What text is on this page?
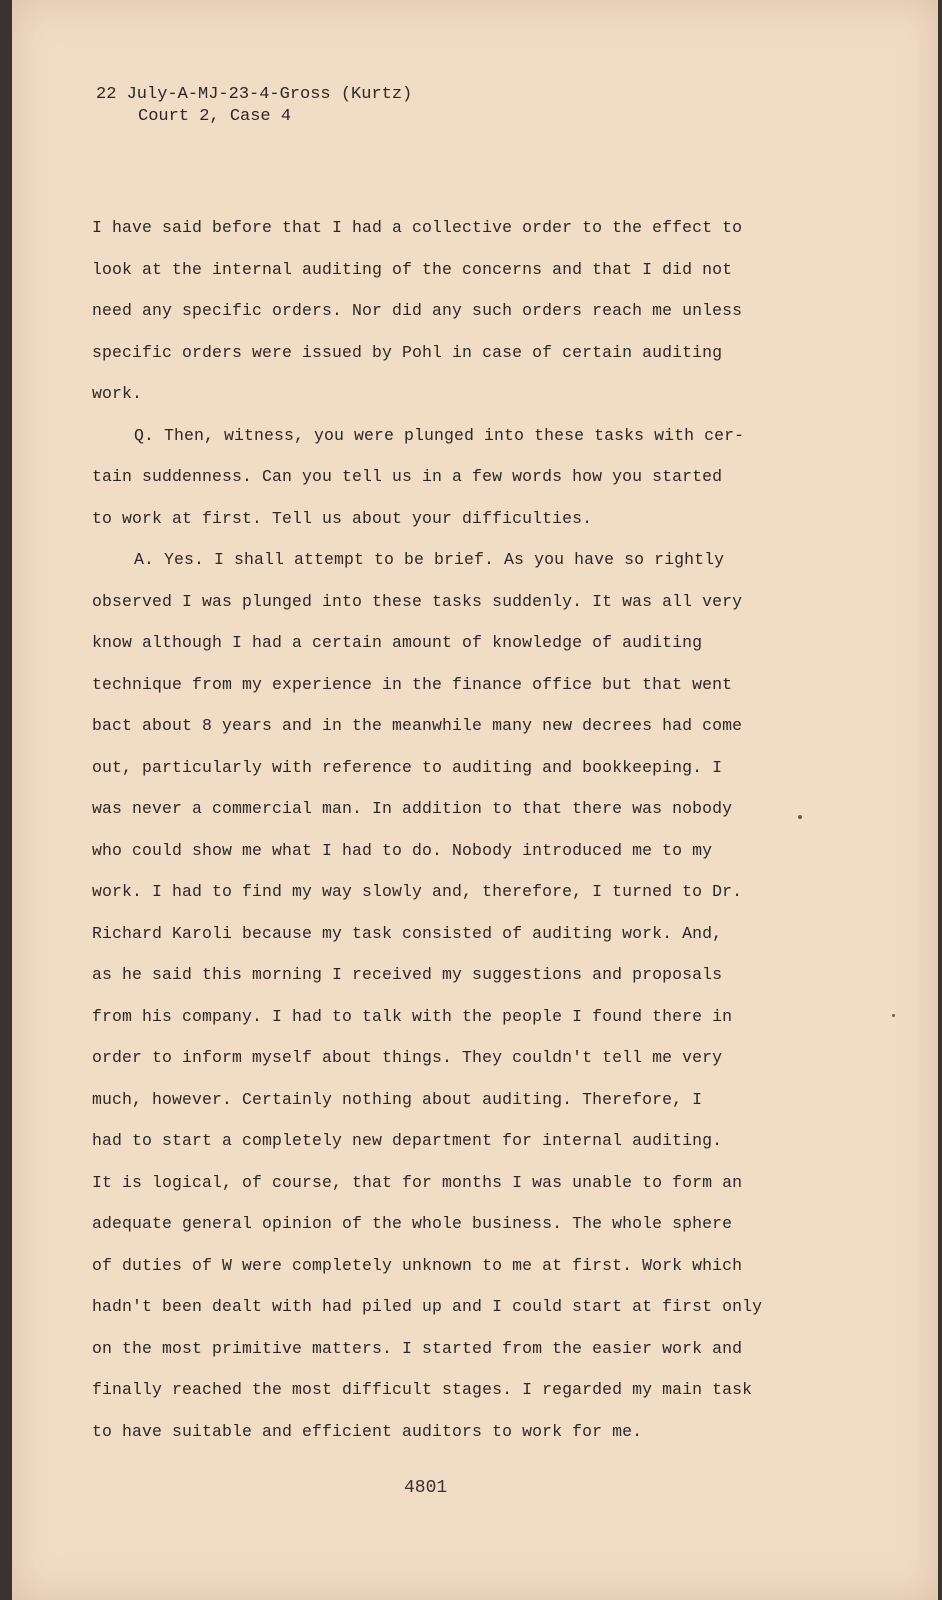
22 July-A-MJ-23-4-Gross (Kurtz)
Court 2, Case 4
I have said before that I had a collective order to the effect to
look at the internal auditing of the concerns and that I did not
need any specific orders. Nor did any such orders reach me unless
specific orders were issued by Pohl in case of certain auditing
work.
Q. Then, witness, you were plunged into these tasks with cer-
tain suddenness. Can you tell us in a few words how you started
to work at first. Tell us about your difficulties.
A. Yes. I shall attempt to be brief. As you have so rightly
observed I was plunged into these tasks suddenly. It was all very
know although I had a certain amount of knowledge of auditing
technique from my experience in the finance office but that went
bact about 8 years and in the meanwhile many new decrees had come
out, particularly with reference to auditing and bookkeeping. I
was never a commercial man. In addition to that there was nobody
who could show me what I had to do. Nobody introduced me to my
work. I had to find my way slowly and, therefore, I turned to Dr.
Richard Karoli because my task consisted of auditing work. And,
as he said this morning I received my suggestions and proposals
from his company. I had to talk with the people I found there in
order to inform myself about things. They couldn't tell me very
much, however. Certainly nothing about auditing. Therefore, I
had to start a completely new department for internal auditing.
It is logical, of course, that for months I was unable to form an
adequate general opinion of the whole business. The whole sphere
of duties of W were completely unknown to me at first. Work which
hadn't been dealt with had piled up and I could start at first only
on the most primitive matters. I started from the easier work and
finally reached the most difficult stages. I regarded my main task
to have suitable and efficient auditors to work for me.
4801
